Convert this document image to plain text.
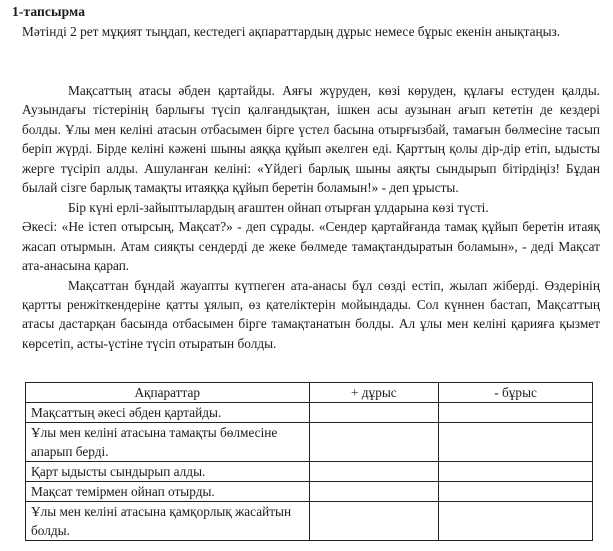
1-тапсырма
Мәтінді 2 рет мұқият тыңдап, кестедегі ақпараттардың дұрыс немесе бұрыс екенін анықтаңыз.

Мақсаттың атасы әбден қартайды. Аяғы жүруден, көзі көруден, құлағы естуден қалды. Аузындағы тістерінің барлығы түсіп қалғандықтан, ішкен асы аузынан ағып кететін де кездері болды. Ұлы мен келіні атасын отбасымен бірге үстел басына отырғызбай, тамағын бөлмесіне тасып беріп жүрді. Бірде келіні кәжені шыны аяққа құйып әкелген еді. Қарттың қолы дір-дір етіп, ыдысты жерге түсіріп алды. Ашуланған келіні: «Үйдегі барлық шыны аяқты сындырып бітірдіңіз! Бұдан былай сізге барлық тамақты итаяққа құйып беретін боламын!» - деп ұрысты.

Бір күні ерлі-зайыптылардың ағаштен ойнап отырған ұлдарына көзі түсті.

Әкесі: «Не істеп отырсың, Мақсат?» - деп сұрады. «Сендер қартайғанда тамақ құйып беретін итаяқ жасап отырмын. Атам сияқты сендерді де жеке бөлмеде тамақтандыратын боламын», - деді Мақсат ата-анасына қарап.

Мақсаттан бұндай жауапты күтпеген ата-анасы бұл сөзді естіп, жылап жіберді. Өздерінің қартты ренжіткендеріне қатты ұялып, өз қателіктерін мойындады. Сол күннен бастап, Мақсаттың атасы дастарқан басында отбасымен бірге тамақтанатын болды. Ал ұлы мен келіні қарияға қызмет көрсетіп, асты-үстіне түсіп отыратын болды.

Ақпараттар	+ дұрыс	- бұрыс
Мақсаттың әкесі әбден қартайды.		
Ұлы мен келіні атасына тамақты бөлмесіне апарып берді.		
Қарт ыдысты сындырып алды.		
Мақсат темірмен ойнап отырды.		
Ұлы мен келіні атасына қамқорлық жасайтын болды.		
